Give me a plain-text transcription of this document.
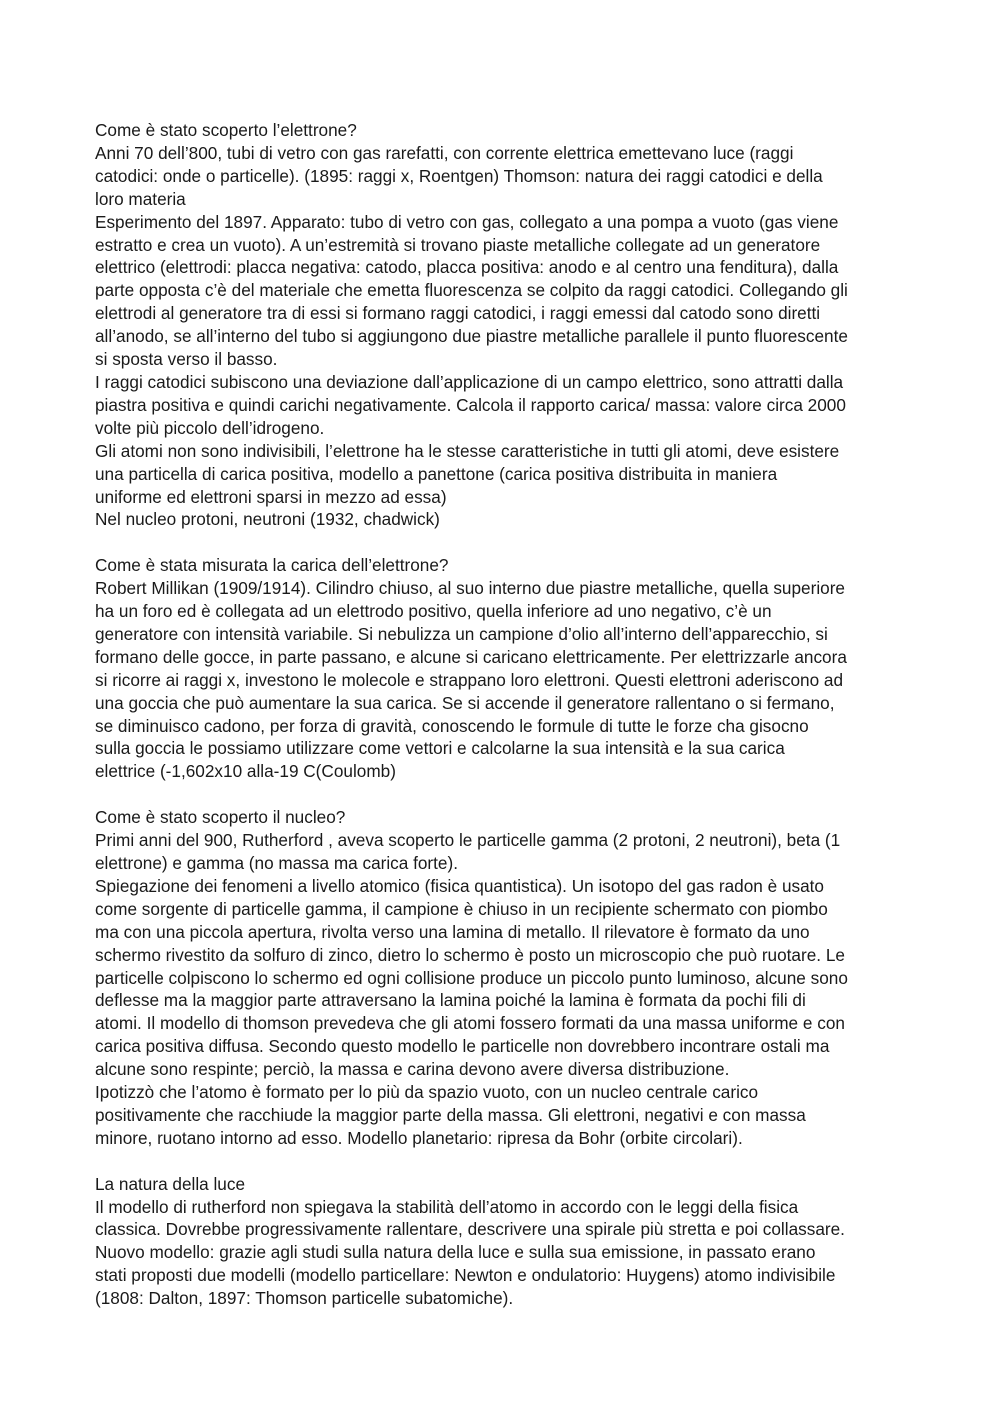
Come è stato scoperto l’elettrone?
Anni 70 dell’800, tubi di vetro con gas rarefatti, con corrente elettrica emettevano luce (raggi
catodici: onde o particelle). (1895: raggi x, Roentgen) Thomson: natura dei raggi catodici e della
loro materia
Esperimento del 1897. Apparato: tubo di vetro con gas, collegato a una pompa a vuoto (gas viene
estratto e crea un vuoto). A un’estremità si trovano piaste metalliche collegate ad un generatore
elettrico (elettrodi: placca negativa: catodo, placca positiva: anodo e al centro una fenditura), dalla
parte opposta c’è del materiale che emetta fluorescenza se colpito da raggi catodici. Collegando gli
elettrodi al generatore tra di essi si formano raggi catodici, i raggi emessi dal catodo sono diretti
all’anodo, se all’interno del tubo si aggiungono due piastre metalliche parallele il punto fluorescente
si sposta verso il basso.
I raggi catodici subiscono una deviazione dall’applicazione di un campo elettrico, sono attratti dalla
piastra positiva e quindi carichi negativamente. Calcola il rapporto carica/ massa: valore circa 2000
volte più piccolo dell’idrogeno.
Gli atomi non sono indivisibili, l’elettrone ha le stesse caratteristiche in tutti gli atomi, deve esistere
una particella di carica positiva, modello a panettone (carica positiva distribuita in maniera
uniforme ed elettroni sparsi in mezzo ad essa)
Nel nucleo protoni, neutroni (1932, chadwick)
Come è stata misurata la carica dell’elettrone?
Robert Millikan (1909/1914). Cilindro chiuso, al suo interno due piastre metalliche, quella superiore
ha un foro ed è collegata ad un elettrodo positivo, quella inferiore ad uno negativo, c’è un
generatore con intensità variabile. Si nebulizza un campione d’olio all’interno dell’apparecchio, si
formano delle gocce, in parte passano, e alcune si caricano elettricamente. Per elettrizzarle ancora
si ricorre ai raggi x, investono le molecole e strappano loro elettroni. Questi elettroni aderiscono ad
una goccia che può aumentare la sua carica. Se si accende il generatore rallentano o si fermano,
se diminuisco cadono, per forza di gravità, conoscendo le formule di tutte le forze cha gisocno
sulla goccia le possiamo utilizzare come vettori e calcolarne la sua intensità e la sua carica
elettrice (-1,602x10 alla-19 C(Coulomb)
Come è stato scoperto il nucleo?
Primi anni del 900, Rutherford , aveva scoperto le particelle gamma (2 protoni, 2 neutroni), beta (1
elettrone) e gamma (no massa ma carica forte).
Spiegazione dei fenomeni a livello atomico (fisica quantistica). Un isotopo del gas radon è usato
come sorgente di particelle gamma, il campione è chiuso in un recipiente schermato con piombo
ma con una piccola apertura, rivolta verso una lamina di metallo. Il rilevatore è formato da uno
schermo rivestito da solfuro di zinco, dietro lo schermo è posto un microscopio che può ruotare. Le
particelle colpiscono lo schermo ed ogni collisione produce un piccolo punto luminoso, alcune sono
deflesse ma la maggior parte attraversano la lamina poiché la lamina è formata da pochi fili di
atomi. Il modello di thomson prevedeva che gli atomi fossero formati da una massa uniforme e con
carica positiva diffusa. Secondo questo modello le particelle non dovrebbero incontrare ostali ma
alcune sono respinte; perciò, la massa e carina devono avere diversa distribuzione.
Ipotizzò che l’atomo è formato per lo più da spazio vuoto, con un nucleo centrale carico
positivamente che racchiude la maggior parte della massa. Gli elettroni, negativi e con massa
minore, ruotano intorno ad esso. Modello planetario: ripresa da Bohr (orbite circolari).
La natura della luce
Il modello di rutherford non spiegava la stabilità dell’atomo in accordo con le leggi della fisica
classica. Dovrebbe progressivamente rallentare, descrivere una spirale più stretta e poi collassare.
Nuovo modello: grazie agli studi sulla natura della luce e sulla sua emissione, in passato erano
stati proposti due modelli (modello particellare: Newton e ondulatorio: Huygens) atomo indivisibile
(1808: Dalton, 1897: Thomson particelle subatomiche).
